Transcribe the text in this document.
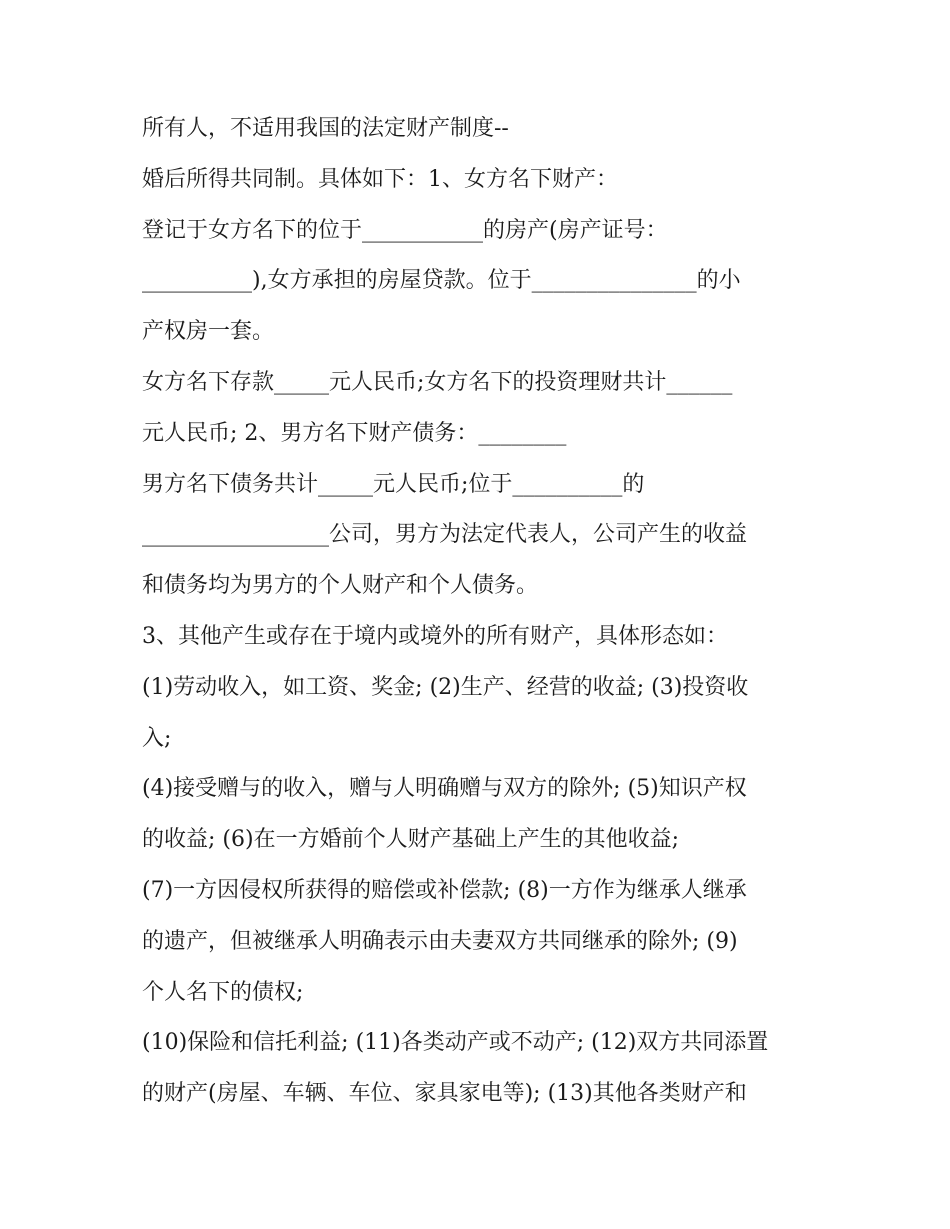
所有人，不适用我国的法定财产制度--
婚后所得共同制。具体如下：1、女方名下财产：
登记于女方名下的位于___________的房产(房产证号：
__________),女方承担的房屋贷款。位于_______________的小
产权房一套。
女方名下存款_____元人民币;女方名下的投资理财共计______
元人民币; 2、男方名下财产债务：________
男方名下债务共计_____元人民币;位于__________的
_________________公司，男方为法定代表人，公司产生的收益
和债务均为男方的个人财产和个人债务。
3、其他产生或存在于境内或境外的所有财产，具体形态如：
(1)劳动收入，如工资、奖金; (2)生产、经营的收益; (3)投资收
入;
(4)接受赠与的收入，赠与人明确赠与双方的除外; (5)知识产权
的收益; (6)在一方婚前个人财产基础上产生的其他收益;
(7)一方因侵权所获得的赔偿或补偿款; (8)一方作为继承人继承
的遗产，但被继承人明确表示由夫妻双方共同继承的除外; (9)
个人名下的债权;
(10)保险和信托利益; (11)各类动产或不动产; (12)双方共同添置
的财产(房屋、车辆、车位、家具家电等); (13)其他各类财产和
